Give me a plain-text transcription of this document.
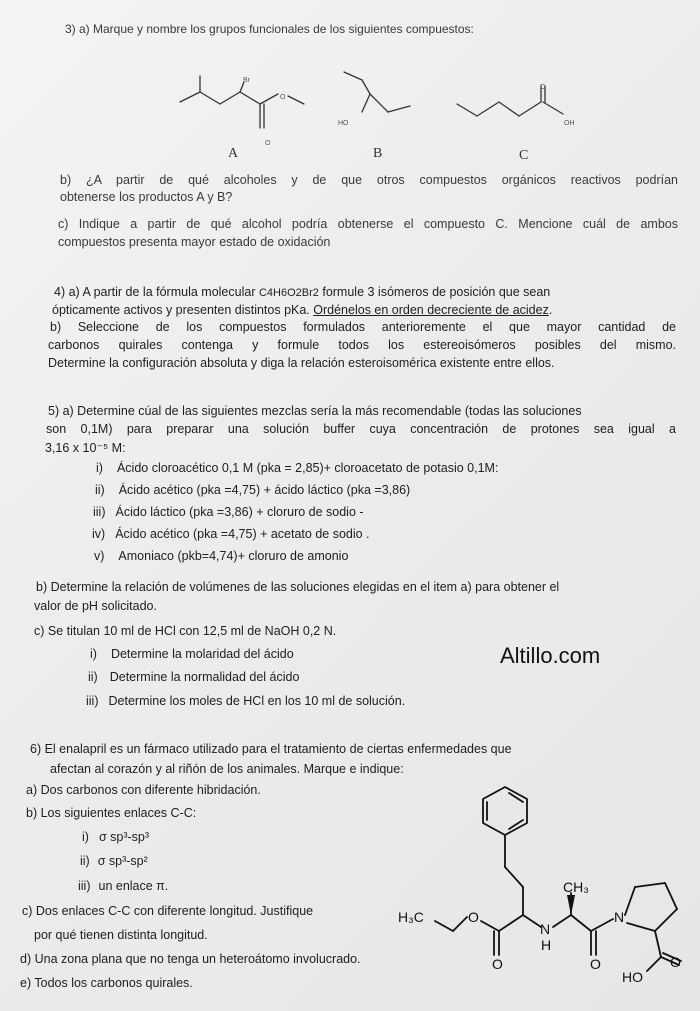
3) a) Marque y nombre los grupos funcionales de los siguientes compuestos:
Br
O
O
HO
O
OH
A	B	C
b) ¿A partir de qué alcoholes y de que otros compuestos orgánicos reactivos podrían
obtenerse los productos A y B?
c) Indique a partir de qué alcohol podría obtenerse el compuesto C. Mencione cuál de ambos
compuestos presenta mayor estado de oxidación
4) a) A partir de la fórmula molecular C4H6O2Br2 formule 3 isómeros de posición que sean
ópticamente activos y presenten distintos pKa. Ordénelos en orden decreciente de acidez.
b) Seleccione de los compuestos formulados anterioremente el que mayor cantidad de
carbonos quirales contenga y formule todos los estereoisómeros posibles del mismo.
Determine la configuración absoluta y diga la relación esteroisomérica existente entre ellos.
5) a) Determine cúal de las siguientes mezclas sería la más recomendable (todas las soluciones
son 0,1M) para preparar una solución buffer cuya concentración de protones sea igual a
3,16 x 10⁻⁵ M:
i) Ácido cloroacético 0,1 M (pka = 2,85)+ cloroacetato de potasio 0,1M:
ii) Ácido acético (pka =4,75) + ácido láctico (pka =3,86)
iii) Ácido láctico (pka =3,86) + cloruro de sodio -
iv) Ácido acético (pka =4,75) + acetato de sodio .
v) Amoniaco (pkb=4,74)+ cloruro de amonio
b) Determine la relación de volúmenes de las soluciones elegidas en el item a) para obtener el
valor de pH solicitado.
c) Se titulan 10 ml de HCl con 12,5 ml de NaOH 0,2 N.
i) Determine la molaridad del ácido
ii) Determine la normalidad del ácido
iii) Determine los moles de HCl en los 10 ml de solución.
Altillo.com
6) El enalapril es un fármaco utilizado para el tratamiento de ciertas enfermedades que
afectan al corazón y al riñón de los animales. Marque e indique:
a) Dos carbonos con diferente hibridación.
b) Los siguientes enlaces C-C:
i) σ sp³-sp³
ii) σ sp³-sp²
iii) un enlace π.
c) Dos enlaces C-C con diferente longitud. Justifique
por qué tienen distinta longitud.
d) Una zona plana que no tenga un heteroátomo involucrado.
e) Todos los carbonos quirales.
H₃C	O
O
N
H
CH₃
O
N
O
HO
